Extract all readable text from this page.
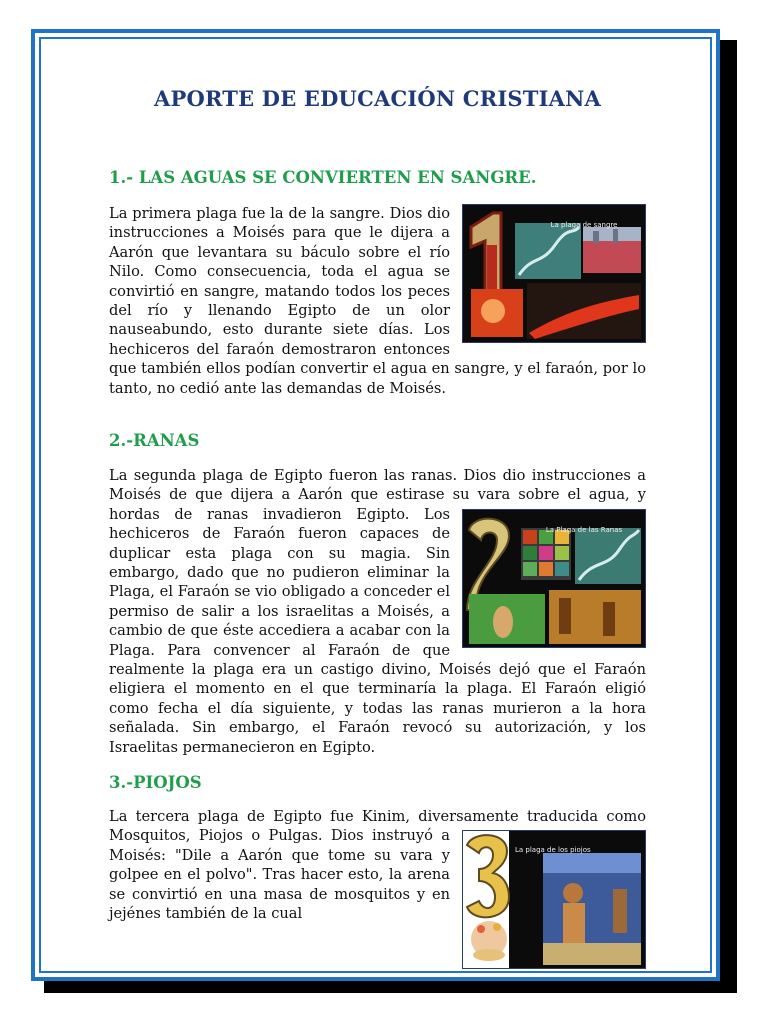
APORTE DE EDUCACIÓN CRISTIANA
1.- LAS AGUAS SE CONVIERTEN EN SANGRE.
La plaga de sangre
La primera plaga fue la de la sangre. Dios dio instrucciones a Moisés para que le dijera a Aarón que levantara su báculo sobre el río Nilo. Como consecuencia, toda el agua se convirtió en sangre, matando todos los peces del río y llenando Egipto de un olor nauseabundo, esto durante siete días. Los hechiceros del faraón demostraron entonces que también ellos podían convertir el agua en sangre, y el faraón, por lo tanto, no cedió ante las demandas de Moisés.
2.-RANAS
La segunda plaga de Egipto fueron las ranas. Dios dio instrucciones a Moisés de que dijera a Aarón que estirase su vara sobre el agua, y
La Plaga de las Ranas
hordas de ranas invadieron Egipto. Los hechiceros de Faraón fueron capaces de duplicar esta plaga con su magia. Sin embargo, dado que no pudieron eliminar la Plaga, el Faraón se vio obligado a conceder el permiso de salir a los israelitas a Moisés, a cambio de que éste accediera a acabar con la Plaga. Para convencer al Faraón de que realmente la plaga era un castigo divino, Moisés dejó que el Faraón eligiera el momento en el que terminaría la plaga. El Faraón eligió como fecha el día siguiente, y todas las ranas murieron a la hora señalada. Sin embargo, el Faraón revocó su autorización, y los Israelitas permanecieron en Egipto.
3.-PIOJOS
La tercera plaga de Egipto fue Kinim, diversamente traducida como
La plaga de los piojos
Mosquitos, Piojos o Pulgas. Dios instruyó a Moisés: "Dile a Aarón que tome su vara y golpee en el polvo". Tras hacer esto, la arena se convirtió en una masa de mosquitos y en jejénes también de la cual
